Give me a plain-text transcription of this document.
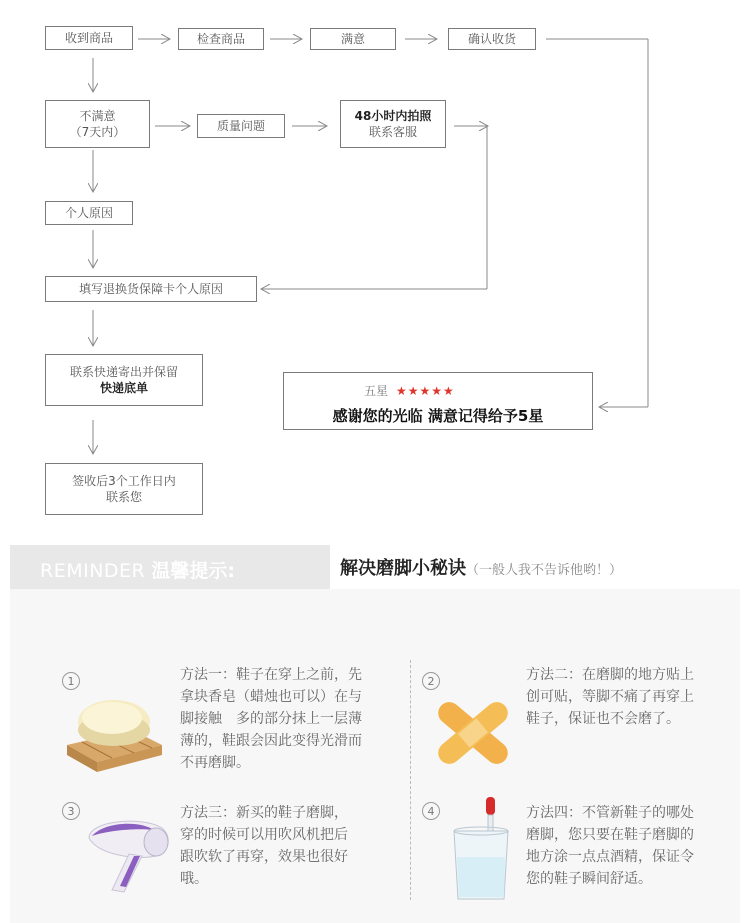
收到商品	检查商品	满意	确认收货
不满意
（7天内）	质量问题
48小时内拍照
联系客服
个人原因
填写退换货保障卡个人原因
联系快递寄出并保留
快递底单
签收后3个工作日内
联系您
五星 ★★★★★
感谢您的光临 满意记得给予5星
REMINDER 温馨提示:	解决磨脚小秘诀（一般人我不告诉他哟！）
1	方法一：鞋子在穿上之前，先
拿块香皂（蜡烛也可以）在与
脚接触　多的部分抹上一层薄
薄的，鞋跟会因此变得光滑而
不再磨脚。
2	方法二：在磨脚的地方贴上
创可贴，等脚不痛了再穿上
鞋子，保证也不会磨了。
3	方法三：新买的鞋子磨脚，
穿的时候可以用吹风机把后
跟吹软了再穿，效果也很好
哦。
4	方法四：不管新鞋子的哪处
磨脚，您只要在鞋子磨脚的
地方涂一点点酒精，保证令
您的鞋子瞬间舒适。
